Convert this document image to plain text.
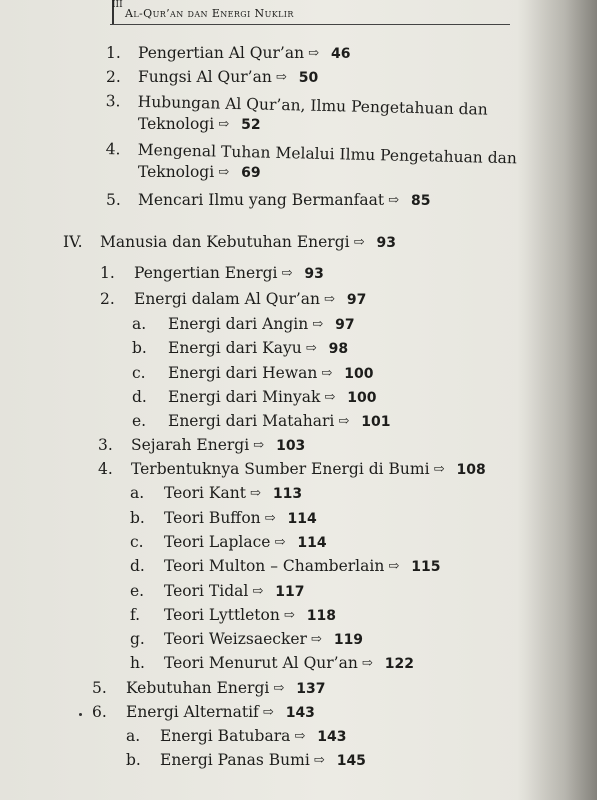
III
Al-Qur’an dan Energi Nuklir
1. Pengertian Al Qur’an ⇨ 46
2. Fungsi Al Qur’an ⇨ 50
3. Hubungan Al Qur’an, Ilmu Pengetahuan dan
Teknologi ⇨ 52
4. Mengenal Tuhan Melalui Ilmu Pengetahuan dan
Teknologi ⇨ 69
5. Mencari Ilmu yang Bermanfaat ⇨ 85
IV. Manusia dan Kebutuhan Energi ⇨ 93
1. Pengertian Energi ⇨ 93
2. Energi dalam Al Qur’an ⇨ 97
a. Energi dari Angin ⇨ 97
b. Energi dari Kayu ⇨ 98
c. Energi dari Hewan ⇨ 100
d. Energi dari Minyak ⇨ 100
e. Energi dari Matahari ⇨ 101
3. Sejarah Energi ⇨ 103
4. Terbentuknya Sumber Energi di Bumi ⇨ 108
a. Teori Kant ⇨ 113
b. Teori Buffon ⇨ 114
c. Teori Laplace ⇨ 114
d. Teori Multon – Chamberlain ⇨ 115
e. Teori Tidal ⇨ 117
f. Teori Lyttleton ⇨ 118
g. Teori Weizsaecker ⇨ 119
h. Teori Menurut Al Qur’an ⇨ 122
5. Kebutuhan Energi ⇨ 137
6. Energi Alternatif ⇨ 143
a. Energi Batubara ⇨ 143
b. Energi Panas Bumi ⇨ 145
